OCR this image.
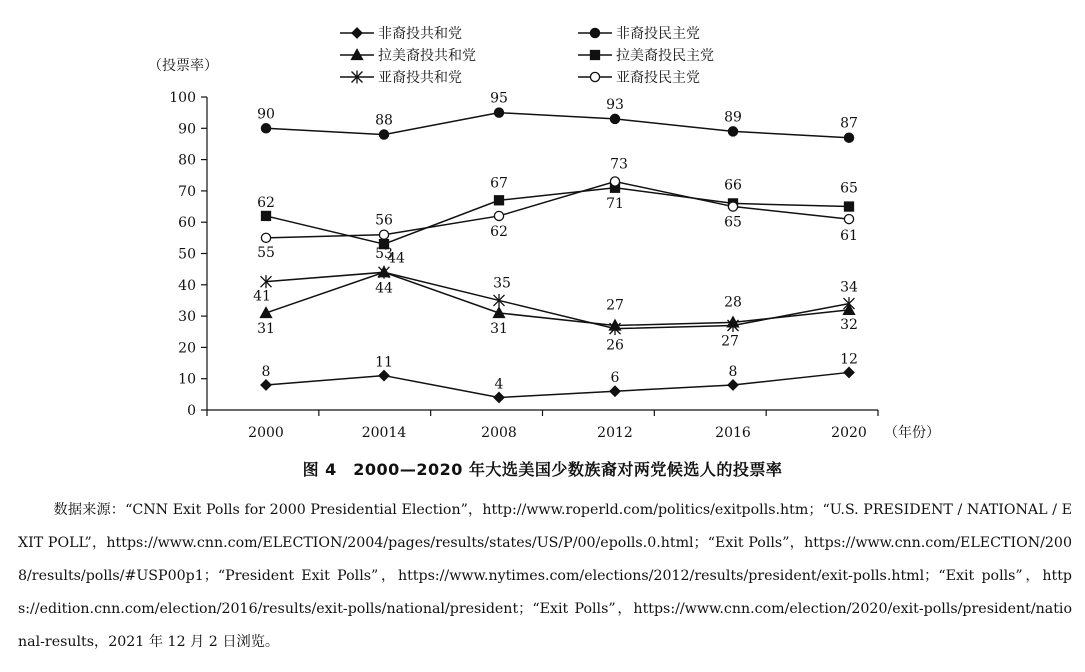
（投票率）
（年份）
非裔投共和党	非裔投民主党
拉美裔投共和党	拉美裔投民主党
亚裔投共和党	亚裔投民主党
0
10
20
30
40
50
60
70
80
90
100
2000	20014	2008	2012	2016	2020
8
11
4	6	8
12
90	88
95	93
89	87
31
44
31
27	28
32
62
53
67
71
66	65
41
44
35
26	27
34
55
56
62
73
65
61
图 4　2000—2020 年大选美国少数族裔对两党候选人的投票率
数据来源：“CNN Exit Polls for 2000 Presidential Election”，http://www.roperld.com/politics/exitpolls.htm；“U.S. PRESIDENT / NATIONAL / EXIT POLL”，https://www.cnn.com/ELECTION/2004/pages/results/states/US/P/00/epolls.0.html；“Exit Polls”，https://www.cnn.com/ELECTION/2008/results/polls/#USP00p1；“President Exit Polls”，https://www.nytimes.com/elections/2012/results/president/exit-polls.html；“Exit polls”，https://edition.cnn.com/election/2016/results/exit-polls/national/president；“Exit Polls”，https://www.cnn.com/election/2020/exit-polls/president/national-results，2021 年 12 月 2 日浏览。
